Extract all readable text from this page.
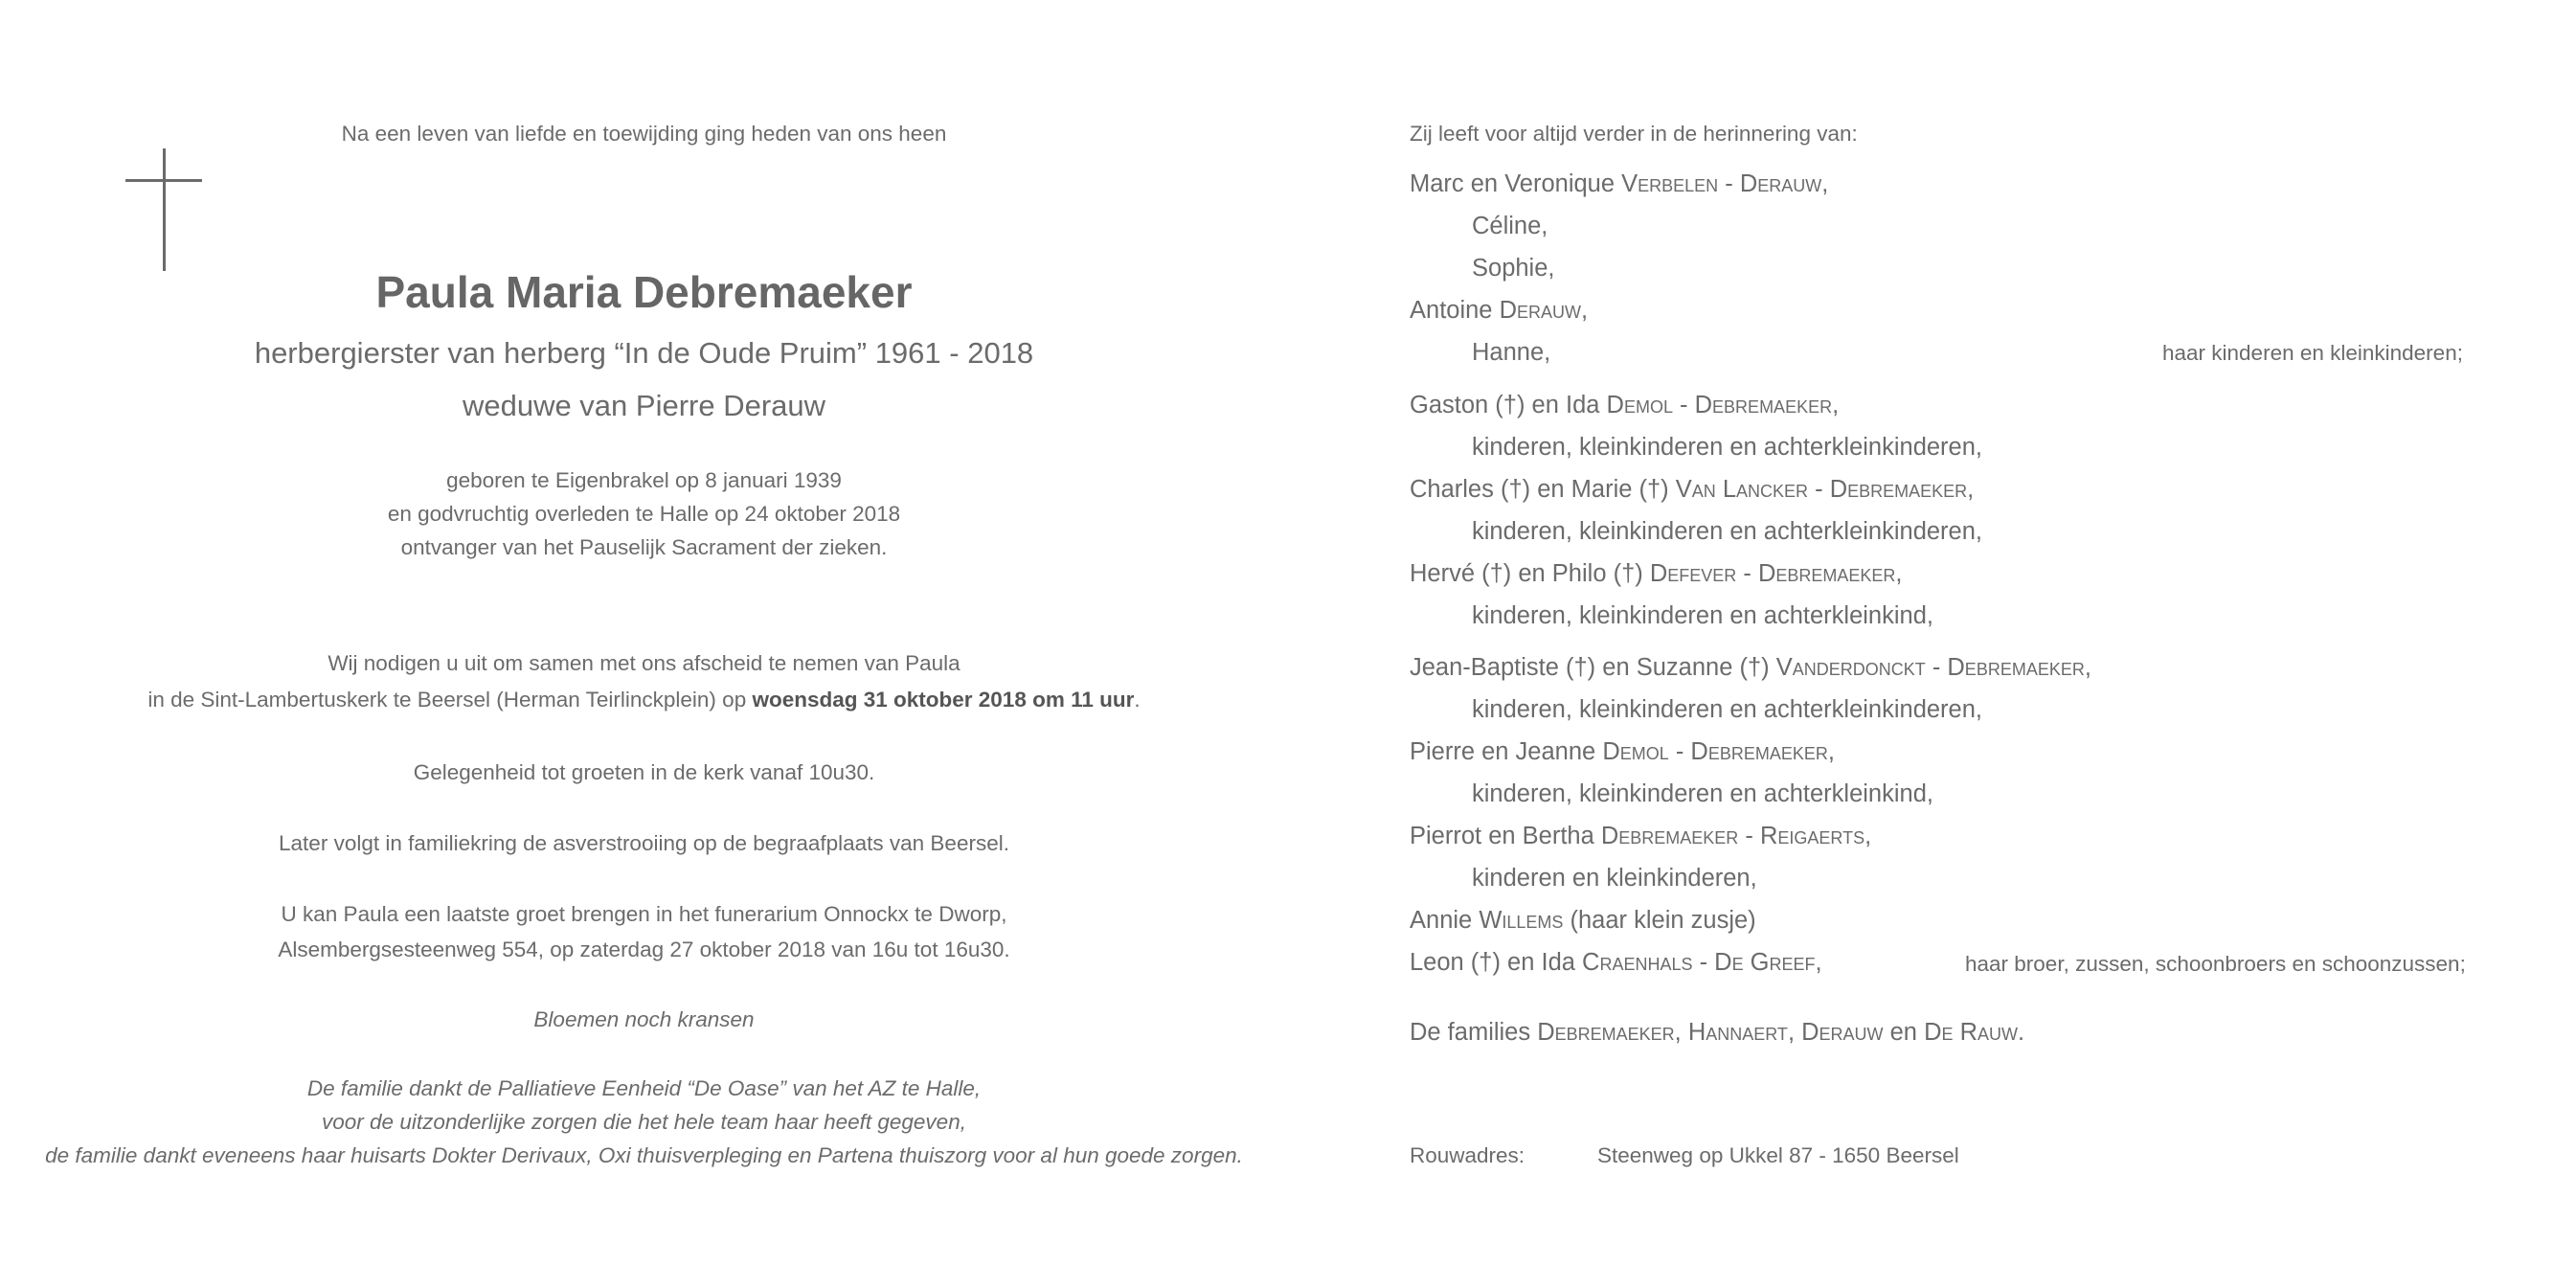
Na een leven van liefde en toewijding ging heden van ons heen
Paula Maria Debremaeker
herbergierster van herberg “In de Oude Pruim” 1961 - 2018
weduwe van Pierre Derauw
geboren te Eigenbrakel op 8 januari 1939
en godvruchtig overleden te Halle op 24 oktober 2018
ontvanger van het Pauselijk Sacrament der zieken.
Wij nodigen u uit om samen met ons afscheid te nemen van Paula
in de Sint-Lambertuskerk te Beersel (Herman Teirlinckplein) op woensdag 31 oktober 2018 om 11 uur.
Gelegenheid tot groeten in de kerk vanaf 10u30.
Later volgt in familiekring de asverstrooiing op de begraafplaats van Beersel.
U kan Paula een laatste groet brengen in het funerarium Onnockx te Dworp,
Alsembergsesteenweg 554, op zaterdag 27 oktober 2018 van 16u tot 16u30.
Bloemen noch kransen
De familie dankt de Palliatieve Eenheid “De Oase” van het AZ te Halle,
voor de uitzonderlijke zorgen die het hele team haar heeft gegeven,
de familie dankt eveneens haar huisarts Dokter Derivaux, Oxi thuisverpleging en Partena thuiszorg voor al hun goede zorgen.
Zij leeft voor altijd verder in de herinnering van:
Marc en Veronique Verbelen - Derauw,
Céline,
Sophie,
Antoine Derauw,
Hanne,	haar kinderen en kleinkinderen;
Gaston (†) en Ida Demol - Debremaeker,
kinderen, kleinkinderen en achterkleinkinderen,
Charles (†) en Marie (†) Van Lancker - Debremaeker,
kinderen, kleinkinderen en achterkleinkinderen,
Hervé (†) en Philo (†) Defever - Debremaeker,
kinderen, kleinkinderen en achterkleinkind,
Jean-Baptiste (†) en Suzanne (†) Vanderdonckt - Debremaeker,
kinderen, kleinkinderen en achterkleinkinderen,
Pierre en Jeanne Demol - Debremaeker,
kinderen, kleinkinderen en achterkleinkind,
Pierrot en Bertha Debremaeker - Reigaerts,
kinderen en kleinkinderen,
Annie Willems (haar klein zusje)
Leon (†) en Ida Craenhals - De Greef,	haar broer, zussen, schoonbroers en schoonzussen;
De families Debremaeker, Hannaert, Derauw en De Rauw.
Rouwadres:	Steenweg op Ukkel 87 - 1650 Beersel
